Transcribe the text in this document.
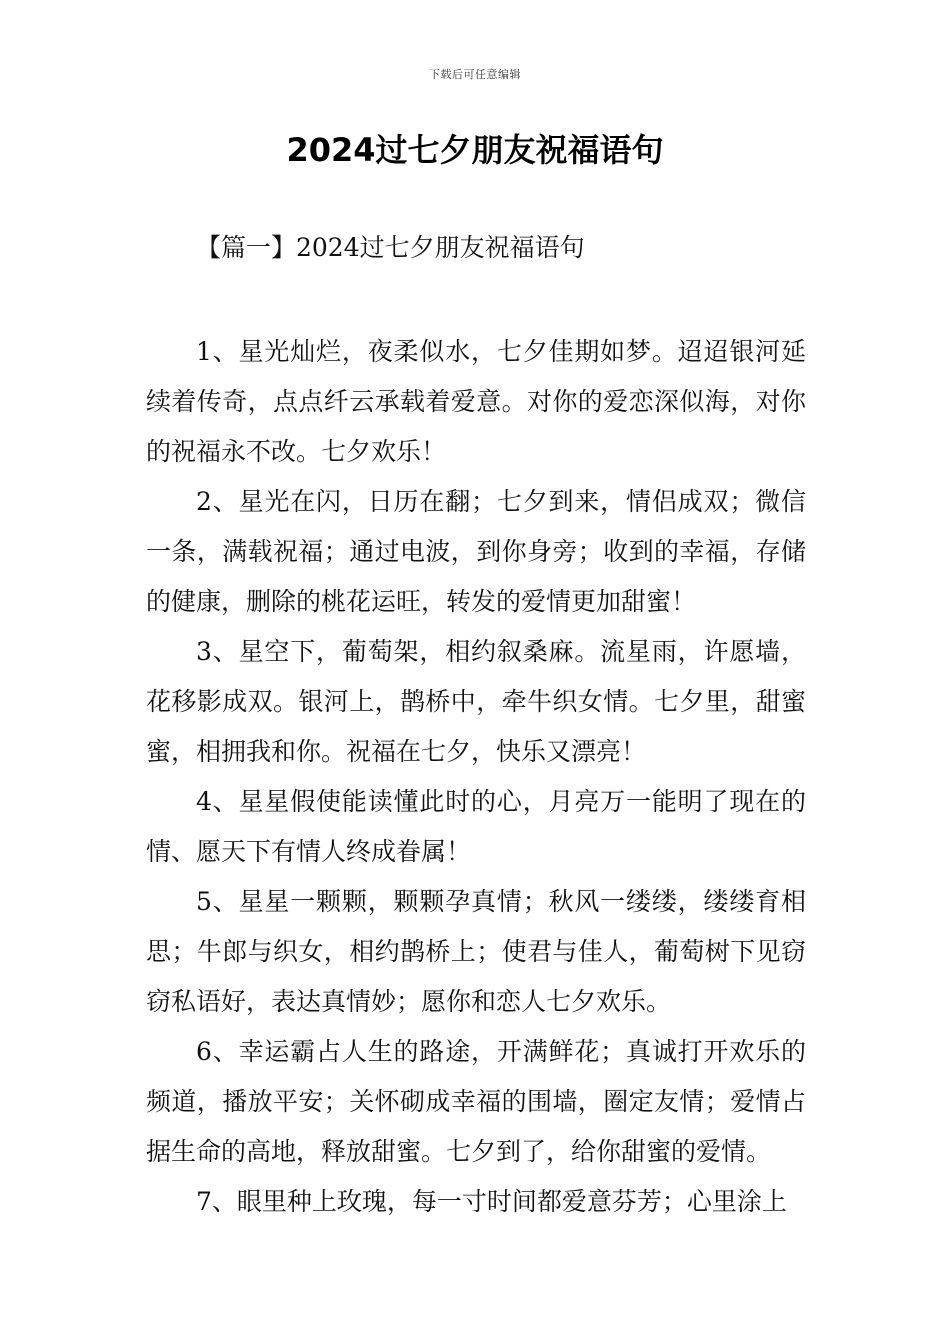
下载后可任意编辑
2024过七夕朋友祝福语句
【篇一】2024过七夕朋友祝福语句

1、星光灿烂，夜柔似水，七夕佳期如梦。迢迢银河延续着传奇，点点纤云承载着爱意。对你的爱恋深似海，对你的祝福永不改。七夕欢乐！

2、星光在闪，日历在翻；七夕到来，情侣成双；微信一条，满载祝福；通过电波，到你身旁；收到的幸福，存储的健康，删除的桃花运旺，转发的爱情更加甜蜜！

3、星空下，葡萄架，相约叙桑麻。流星雨，许愿墙，花移影成双。银河上，鹊桥中，牵牛织女情。七夕里，甜蜜蜜，相拥我和你。祝福在七夕，快乐又漂亮！

4、星星假使能读懂此时的心，月亮万一能明了现在的情、愿天下有情人终成眷属！

5、星星一颗颗，颗颗孕真情；秋风一缕缕，缕缕育相思；牛郎与织女，相约鹊桥上；使君与佳人，葡萄树下见窃窃私语好，表达真情妙；愿你和恋人七夕欢乐。

6、幸运霸占人生的路途，开满鲜花；真诚打开欢乐的频道，播放平安；关怀砌成幸福的围墙，圈定友情；爱情占据生命的高地，释放甜蜜。七夕到了，给你甜蜜的爱情。

7、眼里种上玫瑰，每一寸时间都爱意芬芳；心里涂上
